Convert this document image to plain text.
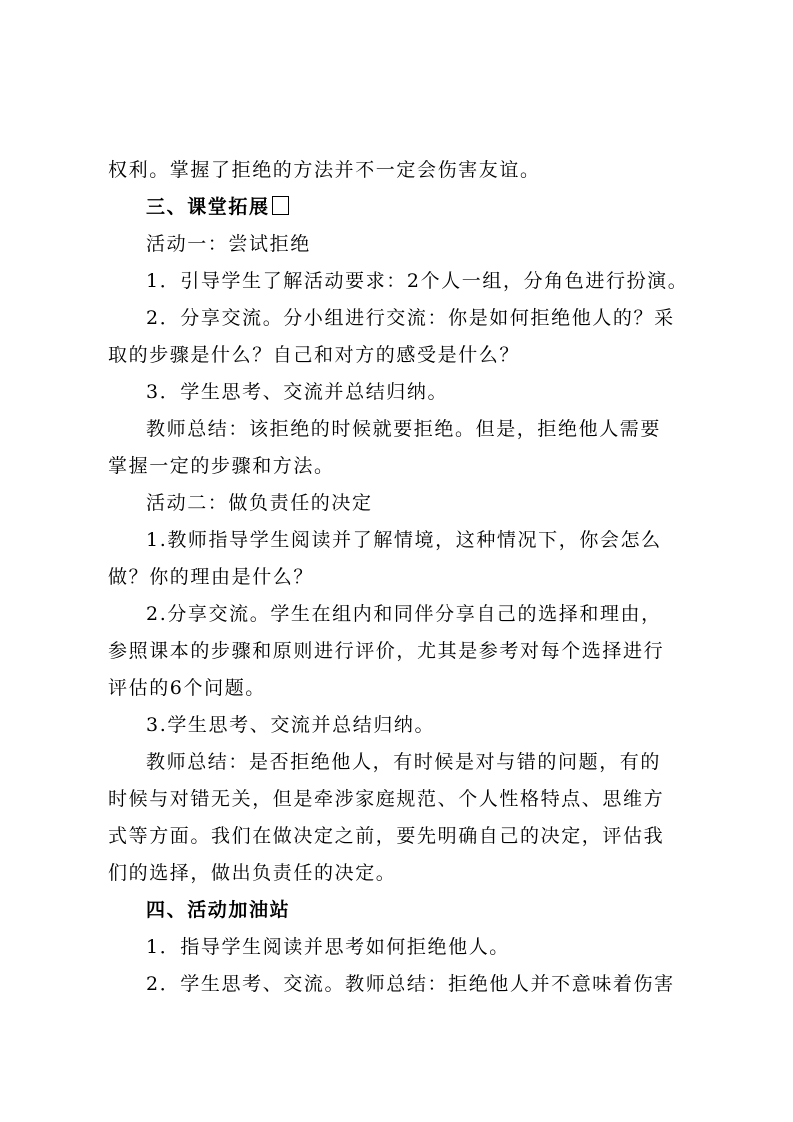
权利。掌握了拒绝的方法并不一定会伤害友谊。

三、课堂拓展

活动一：尝试拒绝

1．引导学生了解活动要求：2个人一组，分角色进行扮演。

2．分享交流。分小组进行交流：你是如何拒绝他人的？采

取的步骤是什么？自己和对方的感受是什么？

3．学生思考、交流并总结归纳。

教师总结：该拒绝的时候就要拒绝。但是，拒绝他人需要

掌握一定的步骤和方法。

活动二：做负责任的决定

1.教师指导学生阅读并了解情境，这种情况下，你会怎么

做？你的理由是什么？

2.分享交流。学生在组内和同伴分享自己的选择和理由，

参照课本的步骤和原则进行评价，尤其是参考对每个选择进行

评估的6个问题。

3.学生思考、交流并总结归纳。

教师总结：是否拒绝他人，有时候是对与错的问题，有的

时候与对错无关，但是牵涉家庭规范、个人性格特点、思维方

式等方面。我们在做决定之前，要先明确自己的决定，评估我

们的选择，做出负责任的决定。

四、活动加油站

1．指导学生阅读并思考如何拒绝他人。

2．学生思考、交流。教师总结：拒绝他人并不意味着伤害
